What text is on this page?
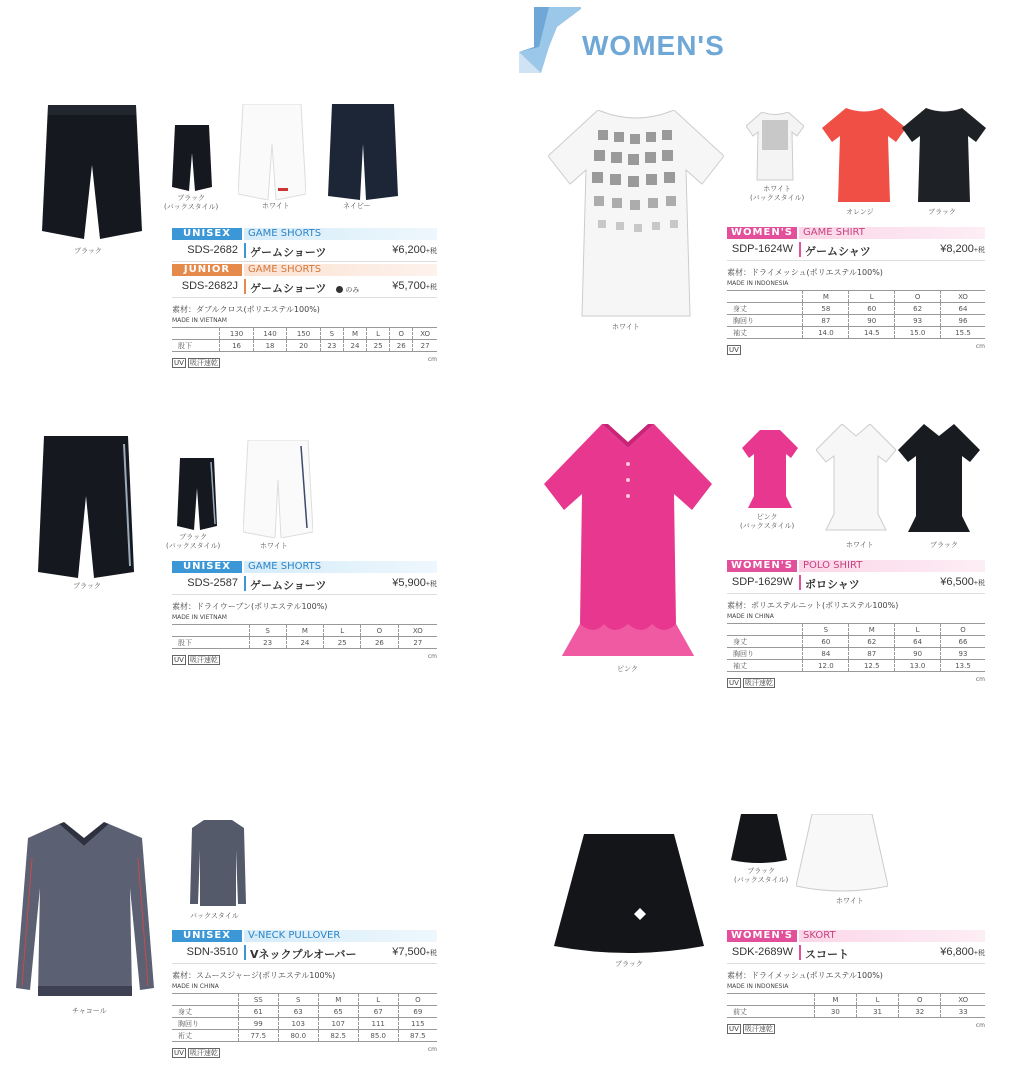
WOMEN'S
ブラック
ブラック
(バックスタイル)	ホワイト	ネイビー
UNISEX	GAME SHORTS
SDS-2682 ゲームショーツ	¥6,200+税
JUNIOR	GAME SHORTS
SDS-2682J ゲームショーツ	のみ	¥5,700+税
素材：ダブルクロス(ポリエステル100%)
MADE IN VIETNAM
	130	140	150	S	M	L	O	XO
股下	16	18	20	23	24	25	26	27
UV 吸汗速乾	cm
ブラック
ブラック
(バックスタイル)	ホワイト
UNISEX	GAME SHORTS
SDS-2587 ゲームショーツ	¥5,900+税
素材：ドライウーブン(ポリエステル100%)
MADE IN VIETNAM
	S	M	L	O	XO
股下	23	24	25	26	27
UV 吸汗速乾	cm
チャコール
バックスタイル
UNISEX	V-NECK PULLOVER
SDN-3510 Vネックプルオーバー	¥7,500+税
素材：スムースジャージ(ポリエステル100%)
MADE IN CHINA
	SS	S	M	L	O
身丈	61	63	65	67	69
胸回り	99	103	107	111	115
裄丈	77.5	80.0	82.5	85.0	87.5
UV 吸汗速乾	cm
ホワイト
ホワイト
(バックスタイル)
オレンジ	ブラック
WOMEN'S	GAME SHIRT
SDP-1624W ゲームシャツ	¥8,200+税
素材：ドライメッシュ(ポリエステル100%)
MADE IN INDONESIA
	M	L	O	XO
身丈	58	60	62	64
胸回り	87	90	93	96
袖丈	14.0	14.5	15.0	15.5
UV	cm
ピンク
ピンク
(バックスタイル)
ホワイト	ブラック
WOMEN'S	POLO SHIRT
SDP-1629W ポロシャツ	¥6,500+税
素材：ポリエステルニット(ポリエステル100%)
MADE IN CHINA
	S	M	L	O
身丈	60	62	64	66
胸回り	84	87	90	93
袖丈	12.0	12.5	13.0	13.5
UV 吸汗速乾	cm
ブラック
ブラック
(バックスタイル)
ホワイト
WOMEN'S	SKORT
SDK-2689W スコート	¥6,800+税
素材：ドライメッシュ(ポリエステル100%)
MADE IN INDONESIA
	M	L	O	XO
前丈	30	31	32	33
UV 吸汗速乾	cm
